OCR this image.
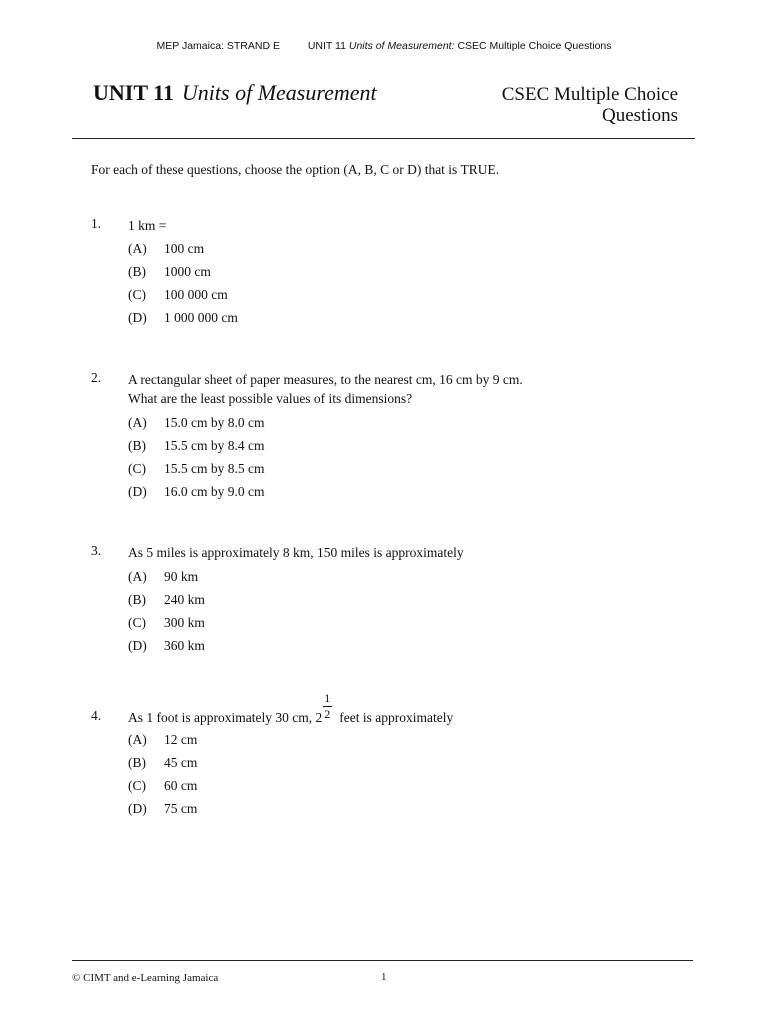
MEP Jamaica: STRAND E	UNIT 11 Units of Measurement: CSEC Multiple Choice Questions
UNIT 11 Units of Measurement	CSEC Multiple Choice
Questions
For each of these questions, choose the option (A, B, C or D) that is TRUE.
1. 1 km =
(A) 100 cm
(B) 1000 cm
(C) 100 000 cm
(D) 1 000 000 cm
2. A rectangular sheet of paper measures, to the nearest cm, 16 cm by 9 cm.
What are the least possible values of its dimensions?
(A) 15.0 cm by 8.0 cm
(B) 15.5 cm by 8.4 cm
(C) 15.5 cm by 8.5 cm
(D) 16.0 cm by 9.0 cm
3. As 5 miles is approximately 8 km, 150 miles is approximately
(A) 90 km
(B) 240 km
(C) 300 km
(D) 360 km
4. As 1 foot is approximately 30 cm, $2 \frac{1}{2}$ feet is approximately
(A) 12 cm
(B) 45 cm
(C) 60 cm
(D) 75 cm
© CIMT and e-Learning Jamaica	1
